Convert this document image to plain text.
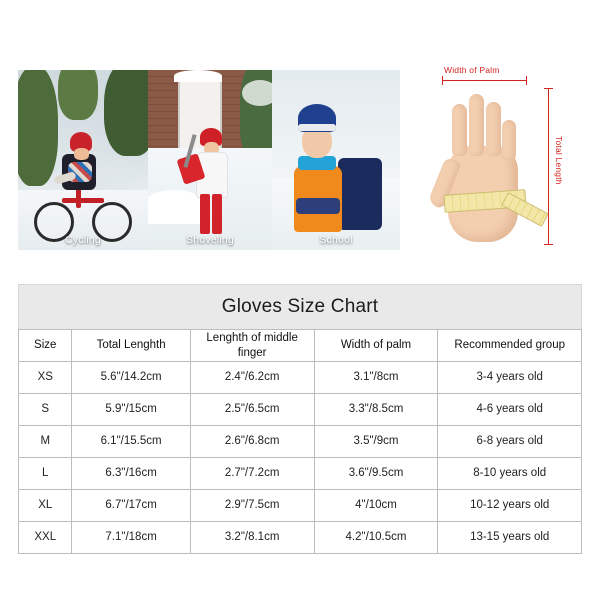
Cycling	Shoveling	School
Width of Palm
Total Length
Gloves Size Chart
Size	Total Lenghth	Lenghth of middle finger	Width of palm	Recommended group
XS	5.6"/14.2cm	2.4"/6.2cm	3.1"/8cm	3-4 years old
S	5.9"/15cm	2.5"/6.5cm	3.3"/8.5cm	4-6 years old
M	6.1"/15.5cm	2.6"/6.8cm	3.5"/9cm	6-8 years old
L	6.3"/16cm	2.7"/7.2cm	3.6"/9.5cm	8-10 years old
XL	6.7"/17cm	2.9"/7.5cm	4"/10cm	10-12 years old
XXL	7.1"/18cm	3.2"/8.1cm	4.2"/10.5cm	13-15 years old
